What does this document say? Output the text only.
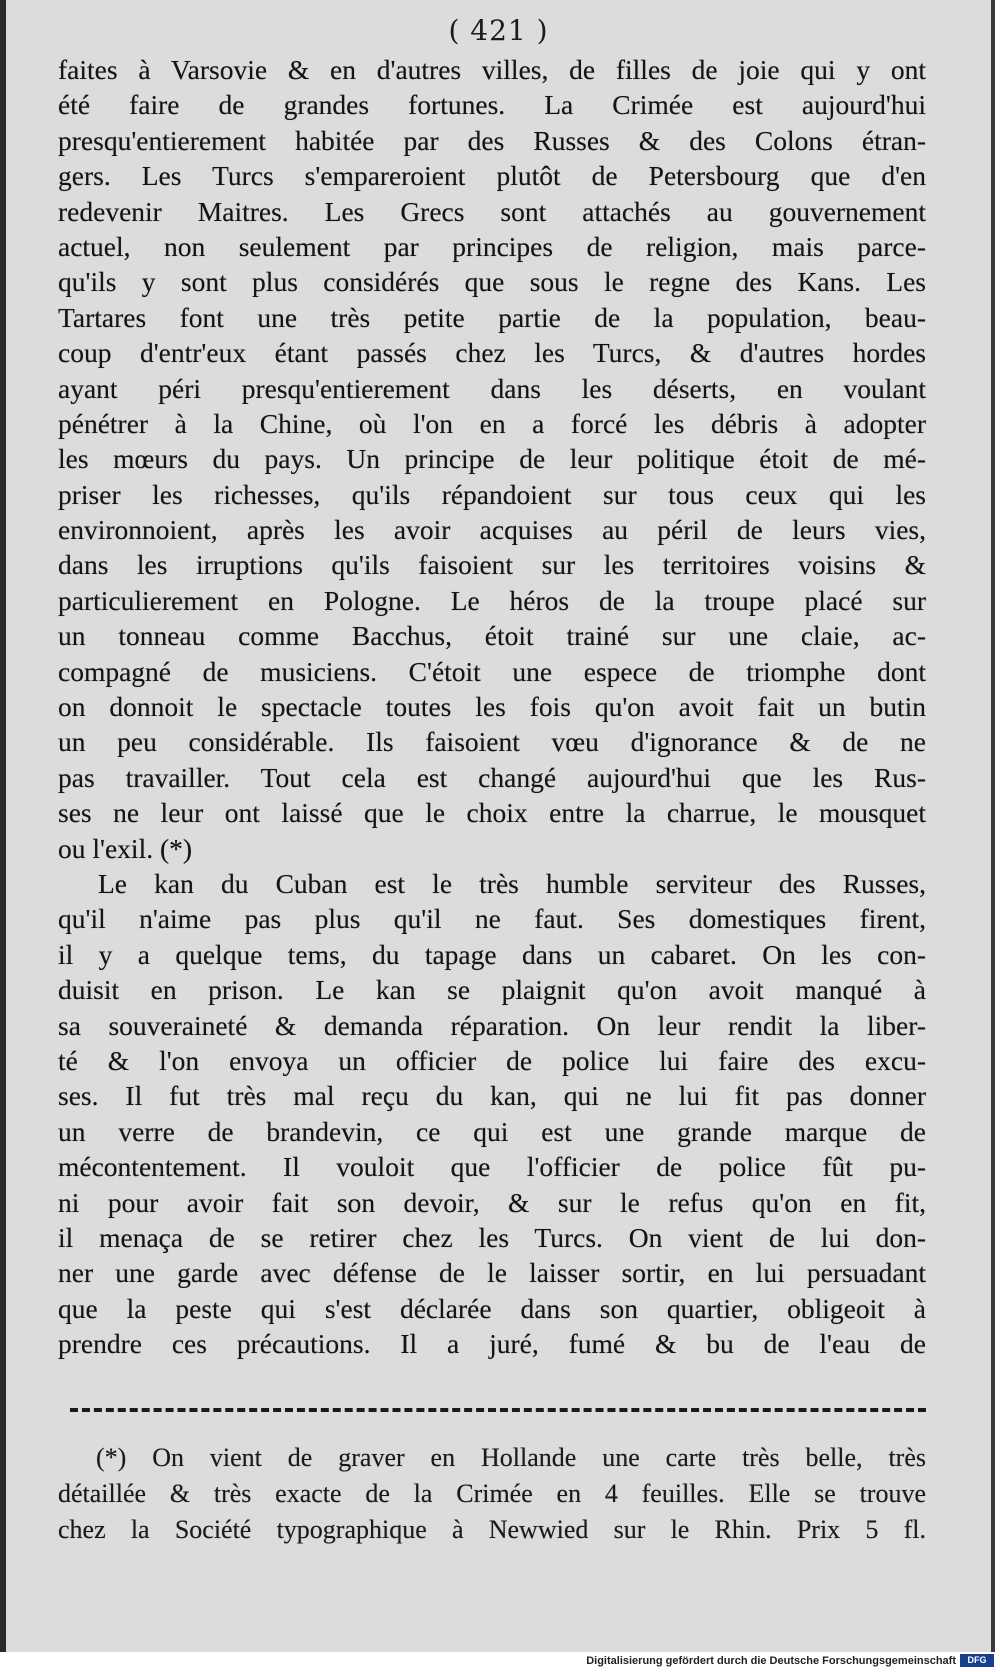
( 421 )
faites à Varsovie & en d'autres villes, de filles de joie qui y ont
été faire de grandes fortunes. La Crimée est aujourd'hui
presqu'entierement habitée par des Russes & des Colons étran-
gers. Les Turcs s'empareroient plutôt de Petersbourg que d'en
redevenir Maitres. Les Grecs sont attachés au gouvernement
actuel, non seulement par principes de religion, mais parce-
qu'ils y sont plus considérés que sous le regne des Kans. Les
Tartares font une très petite partie de la population, beau-
coup d'entr'eux étant passés chez les Turcs, & d'autres hordes
ayant péri presqu'entierement dans les déserts, en voulant
pénétrer à la Chine, où l'on en a forcé les débris à adopter
les mœurs du pays. Un principe de leur politique étoit de mé-
priser les richesses, qu'ils répandoient sur tous ceux qui les
environnoient, après les avoir acquises au péril de leurs vies,
dans les irruptions qu'ils faisoient sur les territoires voisins &
particulierement en Pologne. Le héros de la troupe placé sur
un tonneau comme Bacchus, étoit trainé sur une claie, ac-
compagné de musiciens. C'étoit une espece de triomphe dont
on donnoit le spectacle toutes les fois qu'on avoit fait un butin
un peu considérable. Ils faisoient vœu d'ignorance & de ne
pas travailler. Tout cela est changé aujourd'hui que les Rus-
ses ne leur ont laissé que le choix entre la charrue, le mousquet
ou l'exil. (*)
Le kan du Cuban est le très humble serviteur des Russes,
qu'il n'aime pas plus qu'il ne faut. Ses domestiques firent,
il y a quelque tems, du tapage dans un cabaret. On les con-
duisit en prison. Le kan se plaignit qu'on avoit manqué à
sa souveraineté & demanda réparation. On leur rendit la liber-
té & l'on envoya un officier de police lui faire des excu-
ses. Il fut très mal reçu du kan, qui ne lui fit pas donner
un verre de brandevin, ce qui est une grande marque de
mécontentement. Il vouloit que l'officier de police fût pu-
ni pour avoir fait son devoir, & sur le refus qu'on en fit,
il menaça de se retirer chez les Turcs. On vient de lui don-
ner une garde avec défense de le laisser sortir, en lui persuadant
que la peste qui s'est déclarée dans son quartier, obligeoit à
prendre ces précautions. Il a juré, fumé & bu de l'eau de
(*) On vient de graver en Hollande une carte très belle, très
détaillée & très exacte de la Crimée en 4 feuilles. Elle se trouve
chez la Société typographique à Newwied sur le Rhin. Prix 5 fl.
Digitalisierung gefördert durch die Deutsche Forschungsgemeinschaft	DFG
